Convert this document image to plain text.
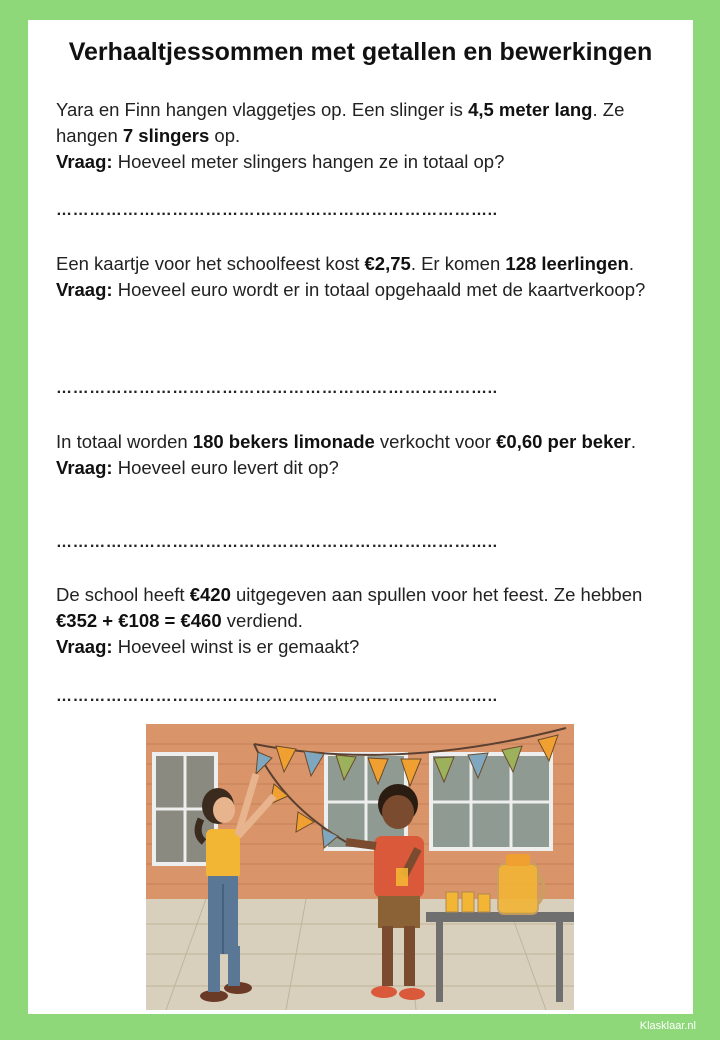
Verhaaltjessommen met getallen en bewerkingen

Yara en Finn hangen vlaggetjes op. Een slinger is 4,5 meter lang. Ze hangen 7 slingers op.

Vraag: Hoeveel meter slingers hangen ze in totaal op?

……………………………………………………………………..

Een kaartje voor het schoolfeest kost €2,75. Er komen 128 leerlingen.

Vraag: Hoeveel euro wordt er in totaal opgehaald met de kaartverkoop?

……………………………………………………………………..

In totaal worden 180 bekers limonade verkocht voor €0,60 per beker.

Vraag: Hoeveel euro levert dit op?

……………………………………………………………………..

De school heeft €420 uitgegeven aan spullen voor het feest. Ze hebben €352 + €108 = €460 verdiend.

Vraag: Hoeveel winst is er gemaakt?

……………………………………………………………………..
Klasklaar.nl
